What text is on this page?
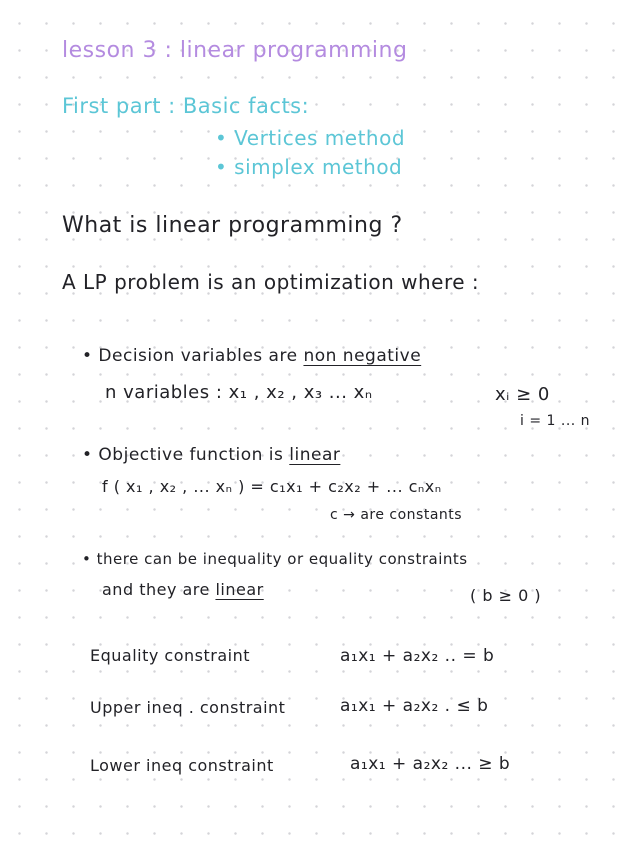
lesson 3 : linear programming
First part : Basic facts:
• Vertices method
• simplex method
What is linear programming ?
A LP problem is an optimization where :
• Decision variables are non negative
n variables : x₁ , x₂ , x₃ ... xₙ	xᵢ ≥ 0
i = 1 ... n
• Objective function is linear
f ( x₁ , x₂ , ... xₙ ) = c₁x₁ + c₂x₂ + ... cₙxₙ
c → are constants
• there can be inequality or equality constraints
and they are linear	( b ≥ 0 )
Equality constraint	a₁x₁ + a₂x₂ .. = b
Upper ineq . constraint	a₁x₁ + a₂x₂ . ≤ b
Lower ineq constraint	a₁x₁ + a₂x₂ ... ≥ b
